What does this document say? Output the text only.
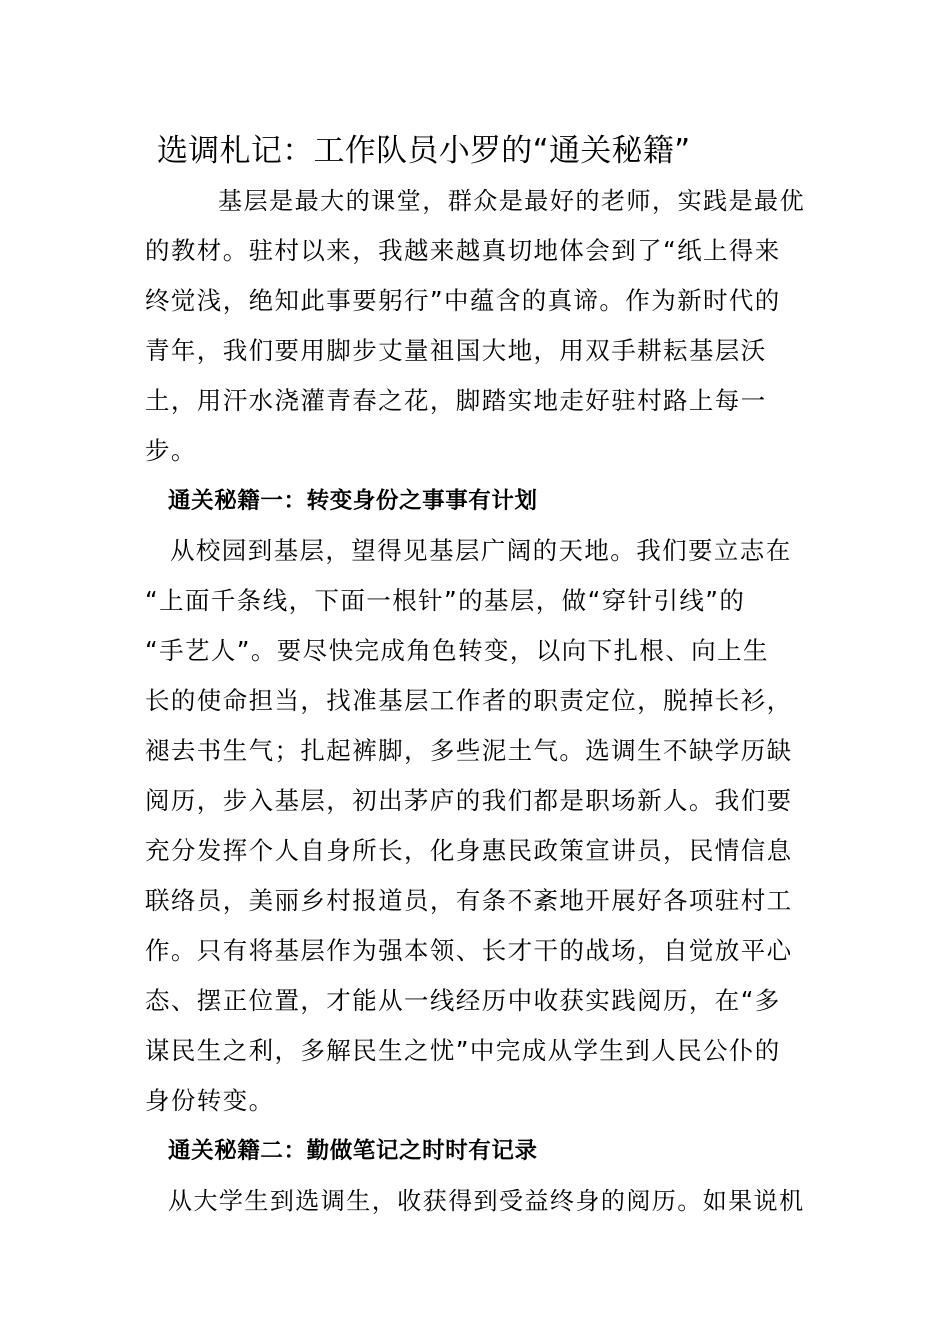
选调札记：工作队员小罗的“通关秘籍”

基层是最大的课堂，群众是最好的老师，实践是最优

的教材。驻村以来，我越来越真切地体会到了“纸上得来

终觉浅，绝知此事要躬行”中蕴含的真谛。作为新时代的

青年，我们要用脚步丈量祖国大地，用双手耕耘基层沃

土，用汗水浇灌青春之花，脚踏实地走好驻村路上每一

步。

通关秘籍一：转变身份之事事有计划

从校园到基层，望得见基层广阔的天地。我们要立志在

“上面千条线，下面一根针”的基层，做“穿针引线”的

“手艺人”。要尽快完成角色转变，以向下扎根、向上生

长的使命担当，找准基层工作者的职责定位，脱掉长衫，

褪去书生气；扎起裤脚，多些泥土气。选调生不缺学历缺

阅历，步入基层，初出茅庐的我们都是职场新人。我们要

充分发挥个人自身所长，化身惠民政策宣讲员，民情信息

联络员，美丽乡村报道员，有条不紊地开展好各项驻村工

作。只有将基层作为强本领、长才干的战场，自觉放平心

态、摆正位置，才能从一线经历中收获实践阅历，在“多

谋民生之利，多解民生之忧”中完成从学生到人民公仆的

身份转变。

通关秘籍二：勤做笔记之时时有记录

从大学生到选调生，收获得到受益终身的阅历。如果说机
